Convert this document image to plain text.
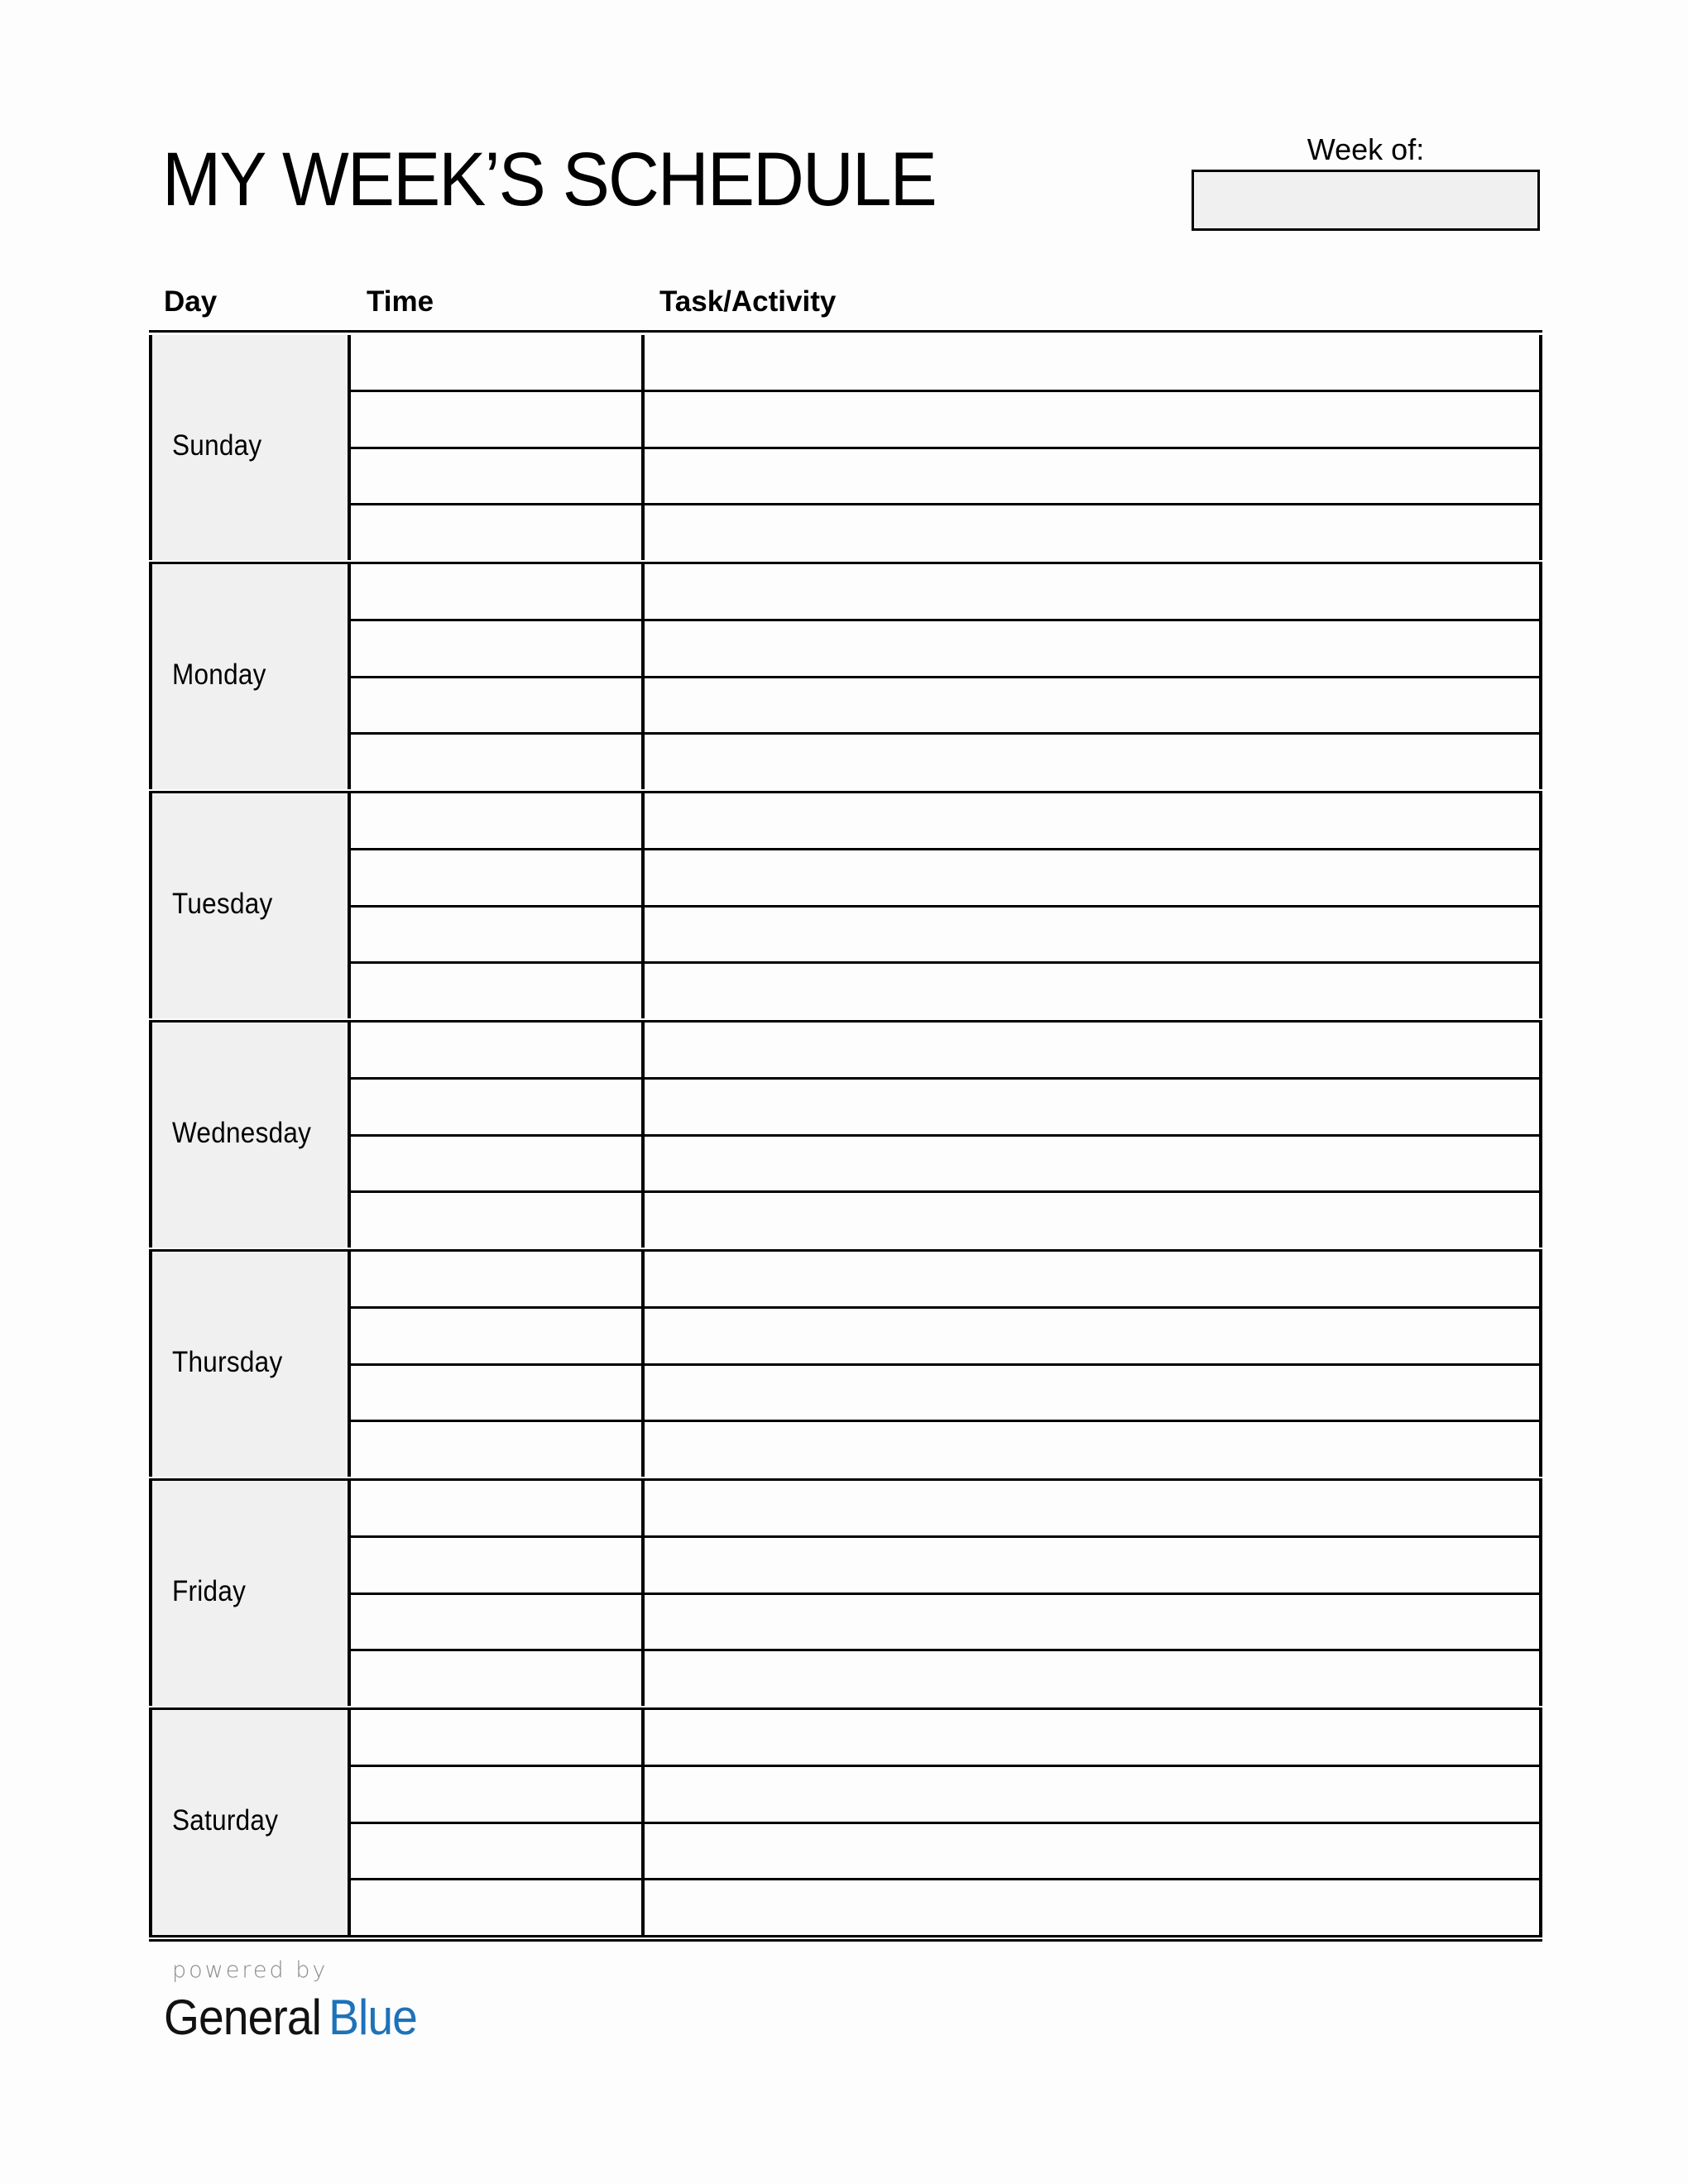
MY WEEK’S SCHEDULE	Week of:
Day	Time	Task/Activity
Sunday
Monday
Tuesday
Wednesday
Thursday
Friday
Saturday
powered by
General Blue
